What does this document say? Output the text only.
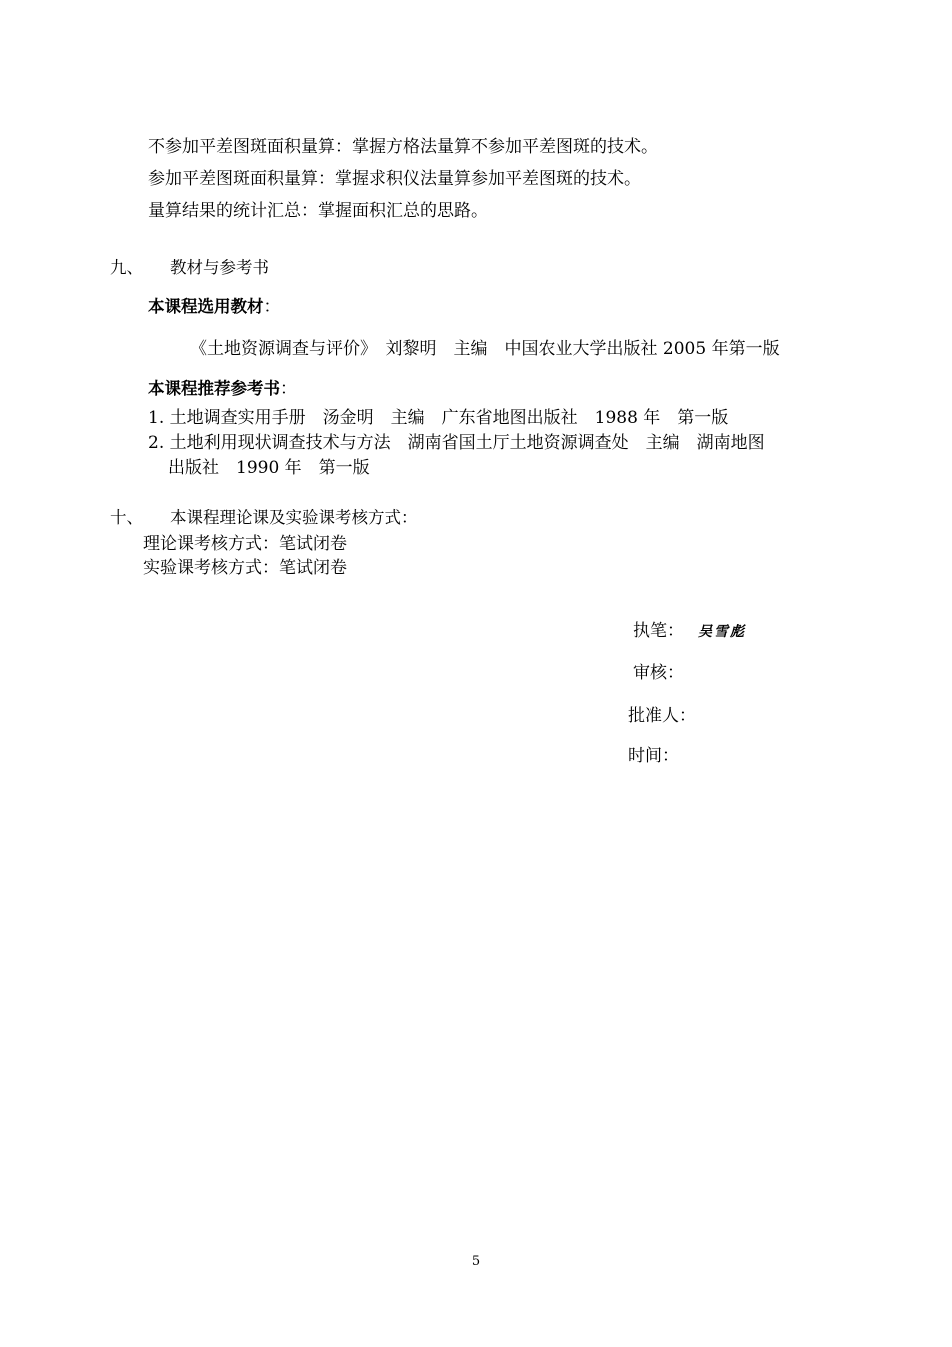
不参加平差图斑面积量算：掌握方格法量算不参加平差图斑的技术。
参加平差图斑面积量算：掌握求积仪法量算参加平差图斑的技术。
量算结果的统计汇总：掌握面积汇总的思路。
九、 教材与参考书
本课程选用教材：
《土地资源调查与评价》　刘黎明　主编　中国农业大学出版社 2005 年第一版
本课程推荐参考书：
1. 土地调查实用手册　汤金明　主编　广东省地图出版社　1988 年　第一版
2. 土地利用现状调查技术与方法　湖南省国土厅土地资源调查处　主编　湖南地图
出版社　1990 年　第一版
十、 本课程理论课及实验课考核方式：
理论课考核方式：笔试闭卷
实验课考核方式：笔试闭卷
执笔： 吴雪彪
审核：
批准人：
时间：
5
